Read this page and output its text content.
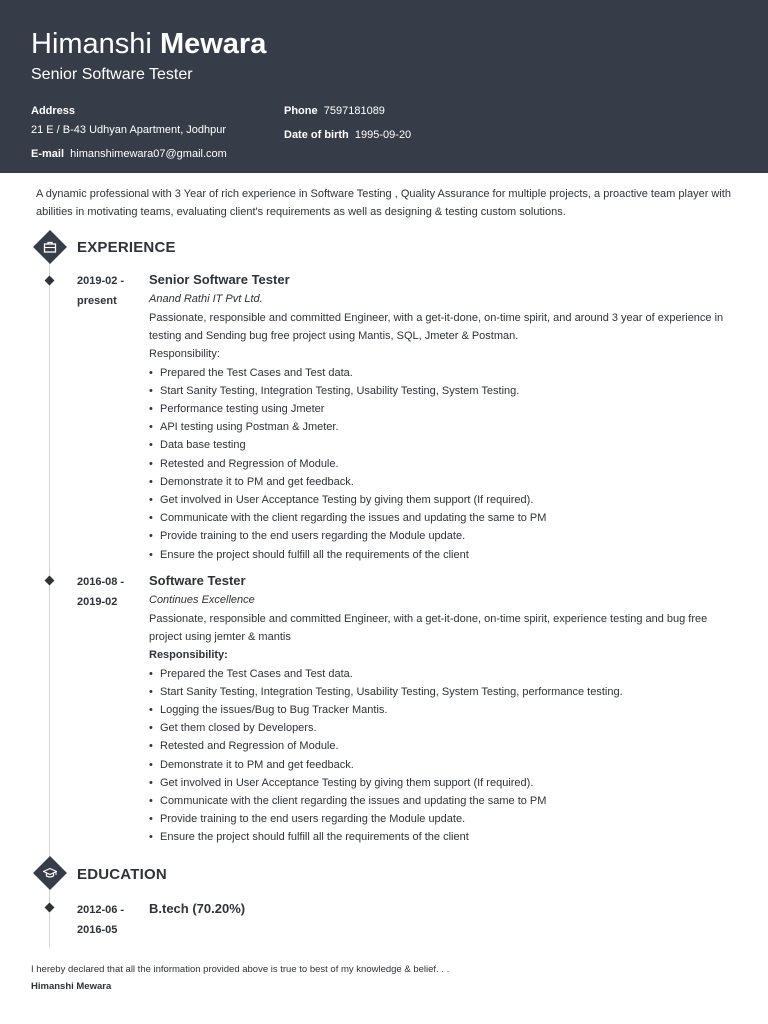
Himanshi Mewara
Senior Software Tester
Address
21 E / B-43 Udhyan Apartment, Jodhpur
E-mail himanshimewara07@gmail.com
Phone 7597181089
Date of birth 1995-09-20
A dynamic professional with 3 Year of rich experience in Software Testing , Quality Assurance for multiple projects, a proactive team player with abilities in motivating teams, evaluating client's requirements as well as designing & testing custom solutions.
EXPERIENCE
2019-02 -
present
Senior Software Tester
Anand Rathi IT Pvt Ltd.
Passionate, responsible and committed Engineer, with a get-it-done, on-time spirit, and around 3 year of experience in testing and Sending bug free project using Mantis, SQL, Jmeter & Postman.
Responsibility:
• Prepared the Test Cases and Test data.
• Start Sanity Testing, Integration Testing, Usability Testing, System Testing.
• Performance testing using Jmeter
• API testing using Postman & Jmeter.
• Data base testing
• Retested and Regression of Module.
• Demonstrate it to PM and get feedback.
• Get involved in User Acceptance Testing by giving them support (If required).
• Communicate with the client regarding the issues and updating the same to PM
• Provide training to the end users regarding the Module update.
• Ensure the project should fulfill all the requirements of the client
2016-08 -
2019-02
Software Tester
Continues Excellence
Passionate, responsible and committed Engineer, with a get-it-done, on-time spirit, experience testing and bug free project using jemter & mantis
Responsibility:
• Prepared the Test Cases and Test data.
• Start Sanity Testing, Integration Testing, Usability Testing, System Testing, performance testing.
• Logging the issues/Bug to Bug Tracker Mantis.
• Get them closed by Developers.
• Retested and Regression of Module.
• Demonstrate it to PM and get feedback.
• Get involved in User Acceptance Testing by giving them support (If required).
• Communicate with the client regarding the issues and updating the same to PM
• Provide training to the end users regarding the Module update.
• Ensure the project should fulfill all the requirements of the client
EDUCATION
2012-06 -
2016-05
B.tech (70.20%)
I hereby declared that all the information provided above is true to best of my knowledge & belief. . .
Himanshi Mewara
